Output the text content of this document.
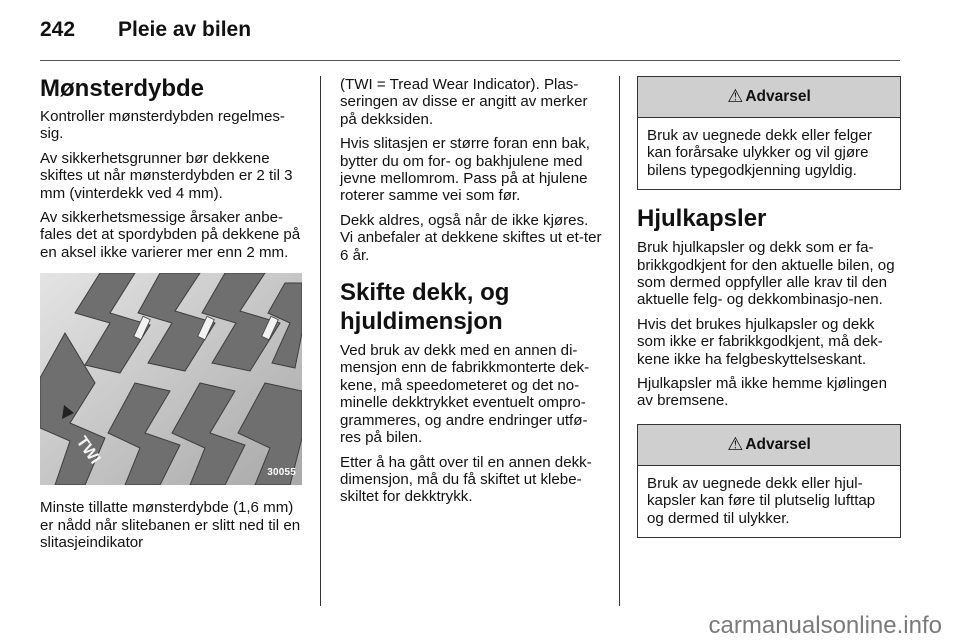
242	Pleie av bilen
Mønsterdybde

Kontroller mønsterdybden regelmes-sig.

Av sikkerhetsgrunner bør dekkene skiftes ut når mønsterdybden er 2 til 3 mm (vinterdekk ved 4 mm).

Av sikkerhetsmessige årsaker anbe-fales det at spordybden på dekkene på en aksel ikke varierer mer enn 2 mm.

TWI
30055

Minste tillatte mønsterdybde (1,6 mm) er nådd når slitebanen er slitt ned til en slitasjeindikator

(TWI = Tread Wear Indicator). Plas-seringen av disse er angitt av merker på dekksiden.

Hvis slitasjen er større foran enn bak, bytter du om for- og bakhjulene med jevne mellomrom. Pass på at hjulene roterer samme vei som før.

Dekk aldres, også når de ikke kjøres. Vi anbefaler at dekkene skiftes ut et-ter 6 år.

Skifte dekk, og hjuldimensjon

Ved bruk av dekk med en annen di-mensjon enn de fabrikkmonterte dek-kene, må speedometeret og det no-minelle dekktrykket eventuelt ompro-grammeres, og andre endringer utfø-res på bilen.

Etter å ha gått over til en annen dekk-dimensjon, må du få skiftet ut klebe-skiltet for dekktrykk.

⚠ Advarsel
Bruk av uegnede dekk eller felger kan forårsake ulykker og vil gjøre bilens typegodkjenning ugyldig.
Hjulkapsler

Bruk hjulkapsler og dekk som er fa-brikkgodkjent for den aktuelle bilen, og som dermed oppfyller alle krav til den aktuelle felg- og dekkombinasjo-nen.

Hvis det brukes hjulkapsler og dekk som ikke er fabrikkgodkjent, må dek-kene ikke ha felgbeskyttelseskant.

Hjulkapsler må ikke hemme kjølingen av bremsene.

⚠ Advarsel
Bruk av uegnede dekk eller hjul-kapsler kan føre til plutselig lufttap og dermed til ulykker.
carmanualsonline.info
